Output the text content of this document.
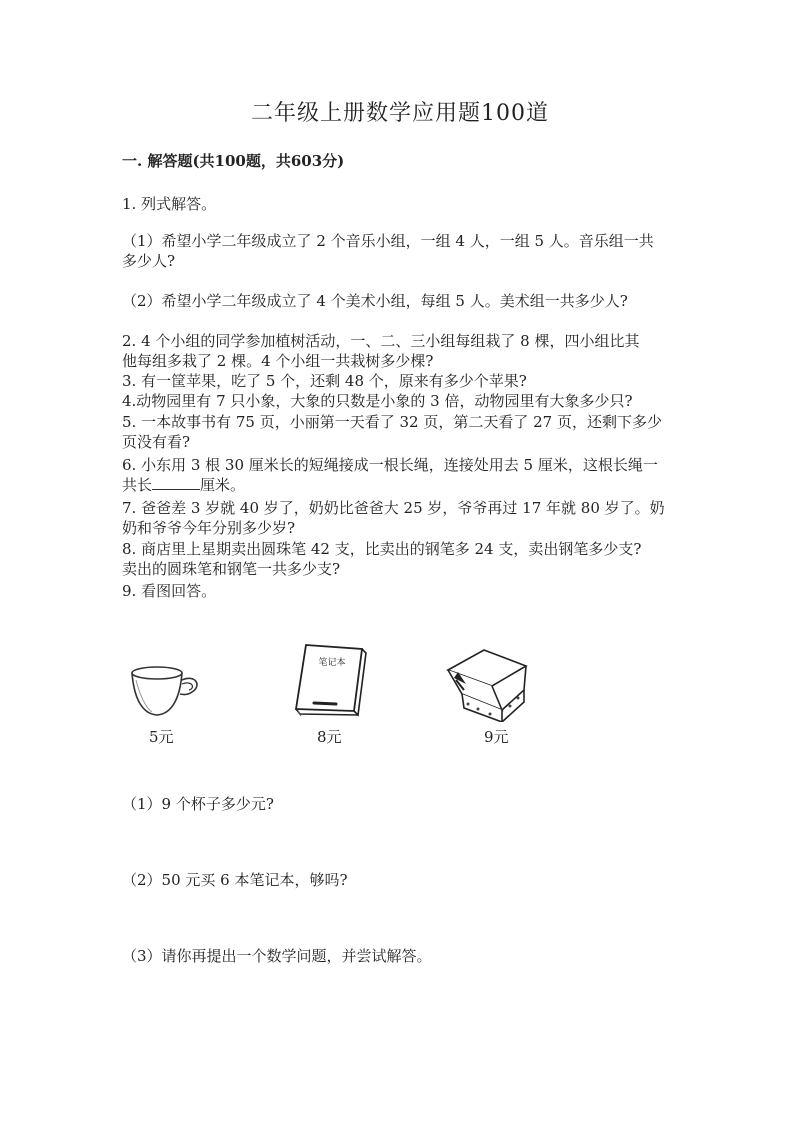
二年级上册数学应用题100道
一. 解答题(共100题，共603分)
1. 列式解答。
（1）希望小学二年级成立了 2 个音乐小组，一组 4 人，一组 5 人。音乐组一共
多少人?
（2）希望小学二年级成立了 4 个美术小组，每组 5 人。美术组一共多少人?
2. 4 个小组的同学参加植树活动，一、二、三小组每组栽了 8 棵，四小组比其
他每组多栽了 2 棵。4 个小组一共栽树多少棵?
3. 有一筐苹果，吃了 5 个，还剩 48 个，原来有多少个苹果?
4.动物园里有 7 只小象，大象的只数是小象的 3 倍，动物园里有大象多少只?
5. 一本故事书有 75 页，小丽第一天看了 32 页，第二天看了 27 页，还剩下多少
页没有看?
6. 小东用 3 根 30 厘米长的短绳接成一根长绳，连接处用去 5 厘米，这根长绳一
共长	厘米。
7. 爸爸差 3 岁就 40 岁了，奶奶比爸爸大 25 岁，爷爷再过 17 年就 80 岁了。奶
奶和爷爷今年分别多少岁?
8. 商店里上星期卖出圆珠笔 42 支，比卖出的钢笔多 24 支，卖出钢笔多少支?
卖出的圆珠笔和钢笔一共多少支?
9. 看图回答。
5元
笔记本
8元	9元
（1）9 个杯子多少元?
（2）50 元买 6 本笔记本，够吗?
（3）请你再提出一个数学问题，并尝试解答。
